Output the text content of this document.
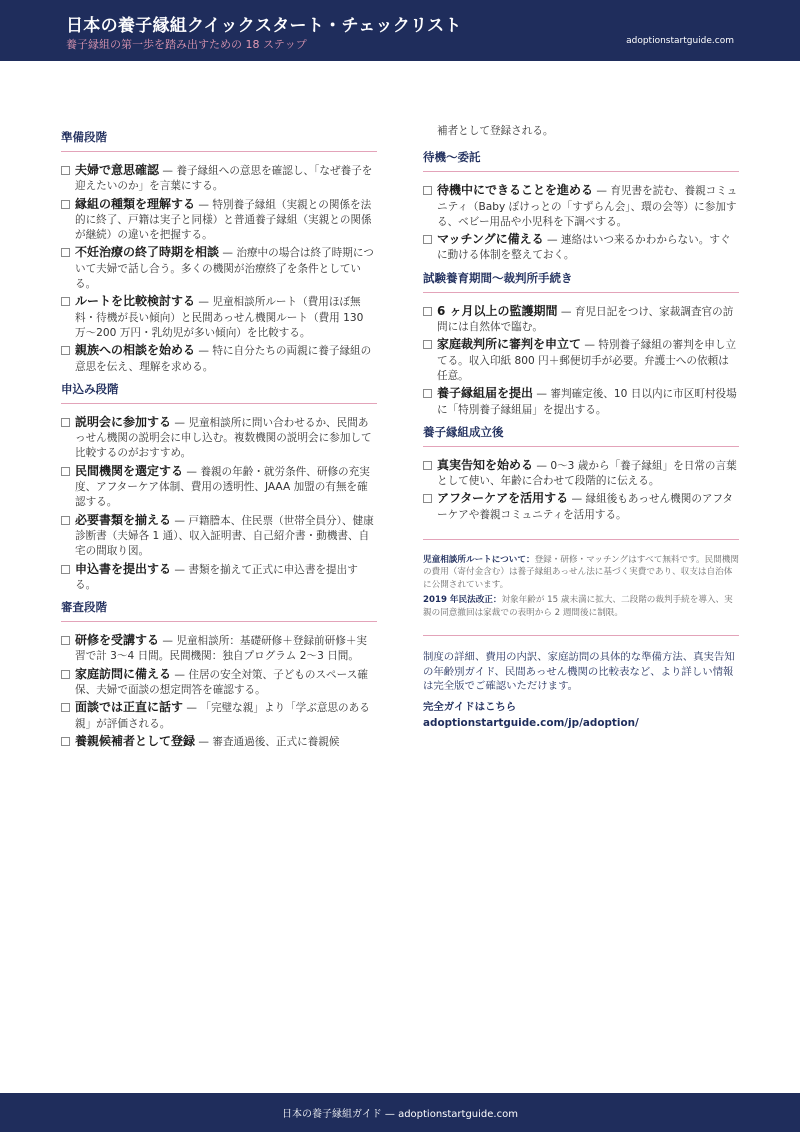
日本の養子縁組クイックスタート・チェックリスト
養子縁組の第一歩を踏み出すための 18 ステップ	adoptionstartguide.com
準備段階
夫婦で意思確認 — 養子縁組への意思を確認し、「なぜ養子を迎えたいのか」を言葉にする。
縁組の種類を理解する — 特別養子縁組（実親との関係を法的に終了、戸籍は実子と同様）と普通養子縁組（実親との関係が継続）の違いを把握する。
不妊治療の終了時期を相談 — 治療中の場合は終了時期について夫婦で話し合う。多くの機関が治療終了を条件としている。
ルートを比較検討する — 児童相談所ルート（費用ほぼ無料・待機が長い傾向）と民間あっせん機関ルート（費用 130 万〜200 万円・乳幼児が多い傾向）を比較する。
親族への相談を始める — 特に自分たちの両親に養子縁組の意思を伝え、理解を求める。
申込み段階
説明会に参加する — 児童相談所に問い合わせるか、民間あっせん機関の説明会に申し込む。複数機関の説明会に参加して比較するのがおすすめ。
民間機関を選定する — 養親の年齢・就労条件、研修の充実度、アフターケア体制、費用の透明性、JAAA 加盟の有無を確認する。
必要書類を揃える — 戸籍謄本、住民票（世帯全員分）、健康診断書（夫婦各 1 通）、収入証明書、自己紹介書・動機書、自宅の間取り図。
申込書を提出する — 書類を揃えて正式に申込書を提出する。
審査段階
研修を受講する — 児童相談所：基礎研修＋登録前研修＋実習で計 3〜4 日間。民間機関：独自プログラム 2〜3 日間。
家庭訪問に備える — 住居の安全対策、子どものスペース確保、夫婦で面談の想定問答を確認する。
面談では正直に話す — 「完璧な親」より「学ぶ意思のある親」が評価される。
養親候補者として登録 — 審査通過後、正式に養親候
補者として登録される。
待機〜委託
待機中にできることを進める — 育児書を読む、養親コミュニティ（Baby ぽけっとの「すずらん会」、環の会等）に参加する、ベビー用品や小児科を下調べする。
マッチングに備える — 連絡はいつ来るかわからない。すぐに動ける体制を整えておく。
試験養育期間〜裁判所手続き
6 ヶ月以上の監護期間 — 育児日記をつけ、家裁調査官の訪問には自然体で臨む。
家庭裁判所に審判を申立て — 特別養子縁組の審判を申し立てる。収入印紙 800 円＋郵便切手が必要。弁護士への依頼は任意。
養子縁組届を提出 — 審判確定後、10 日以内に市区町村役場に「特別養子縁組届」を提出する。
養子縁組成立後
真実告知を始める — 0〜3 歳から「養子縁組」を日常の言葉として使い、年齢に合わせて段階的に伝える。
アフターケアを活用する — 縁組後もあっせん機関のアフターケアや養親コミュニティを活用する。
児童相談所ルートについて：登録・研修・マッチングはすべて無料です。民間機関の費用（寄付金含む）は養子縁組あっせん法に基づく実費であり、収支は自治体に公開されています。
2019 年民法改正：対象年齢が 15 歳未満に拡大、二段階の裁判手続を導入、実親の同意撤回は家裁での表明から 2 週間後に制限。
制度の詳細、費用の内訳、家庭訪問の具体的な準備方法、真実告知の年齢別ガイド、民間あっせん機関の比較表など、より詳しい情報は完全版でご確認いただけます。
完全ガイドはこちら
adoptionstartguide.com/jp/adoption/
日本の養子縁組ガイド — adoptionstartguide.com
